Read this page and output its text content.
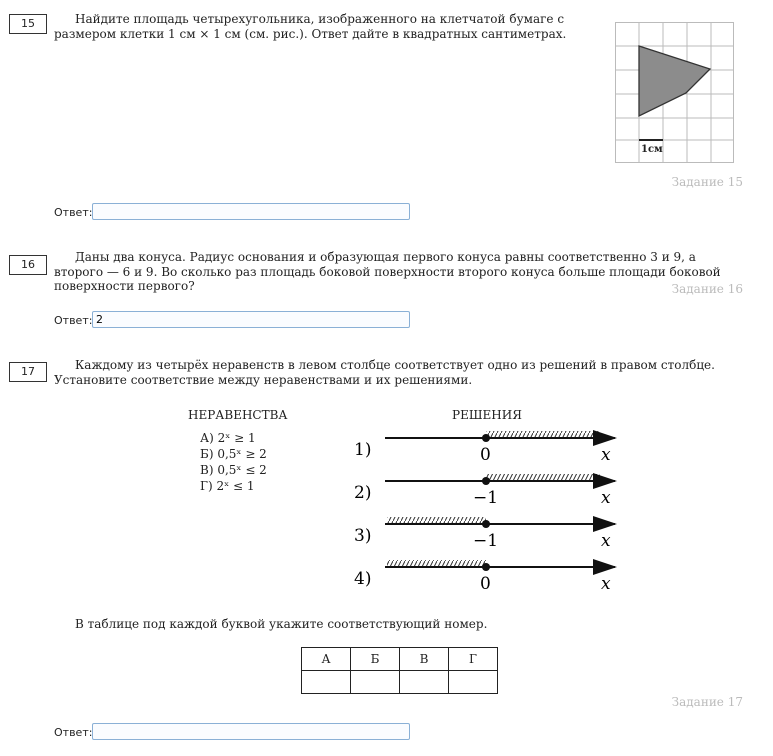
15	Найдите площадь четырехугольника, изображенного на клетчатой бумаге с размером клетки 1 см × 1 см (см. рис.). Ответ дайте в квадратных сантиметрах.
1см
Задание 15
Ответ:
16
Даны два конуса. Радиус основания и образующая первого конуса равны соответственно 3 и 9, а второго — 6 и 9. Во сколько раз площадь боковой поверхности второго конуса больше площади боковой поверхности первого?	Задание 16
Ответ:
2
17	Каждому из четырёх неравенств в левом столбце соответствует одно из решений в правом столбце. Установите соответствие между неравенствами и их решениями.
НЕРАВЕНСТВА	РЕШЕНИЯ
А) 2ˣ ≥ 1
Б) 0,5ˣ ≥ 2
В) 0,5ˣ ≤ 2
Г) 2ˣ ≤ 1
1)	0	x
2)	−1	x
3)	−1	x
4)	0	x
В таблице под каждой буквой укажите соответствующий номер.
А	Б	В	Г

Задание 17
Ответ:
